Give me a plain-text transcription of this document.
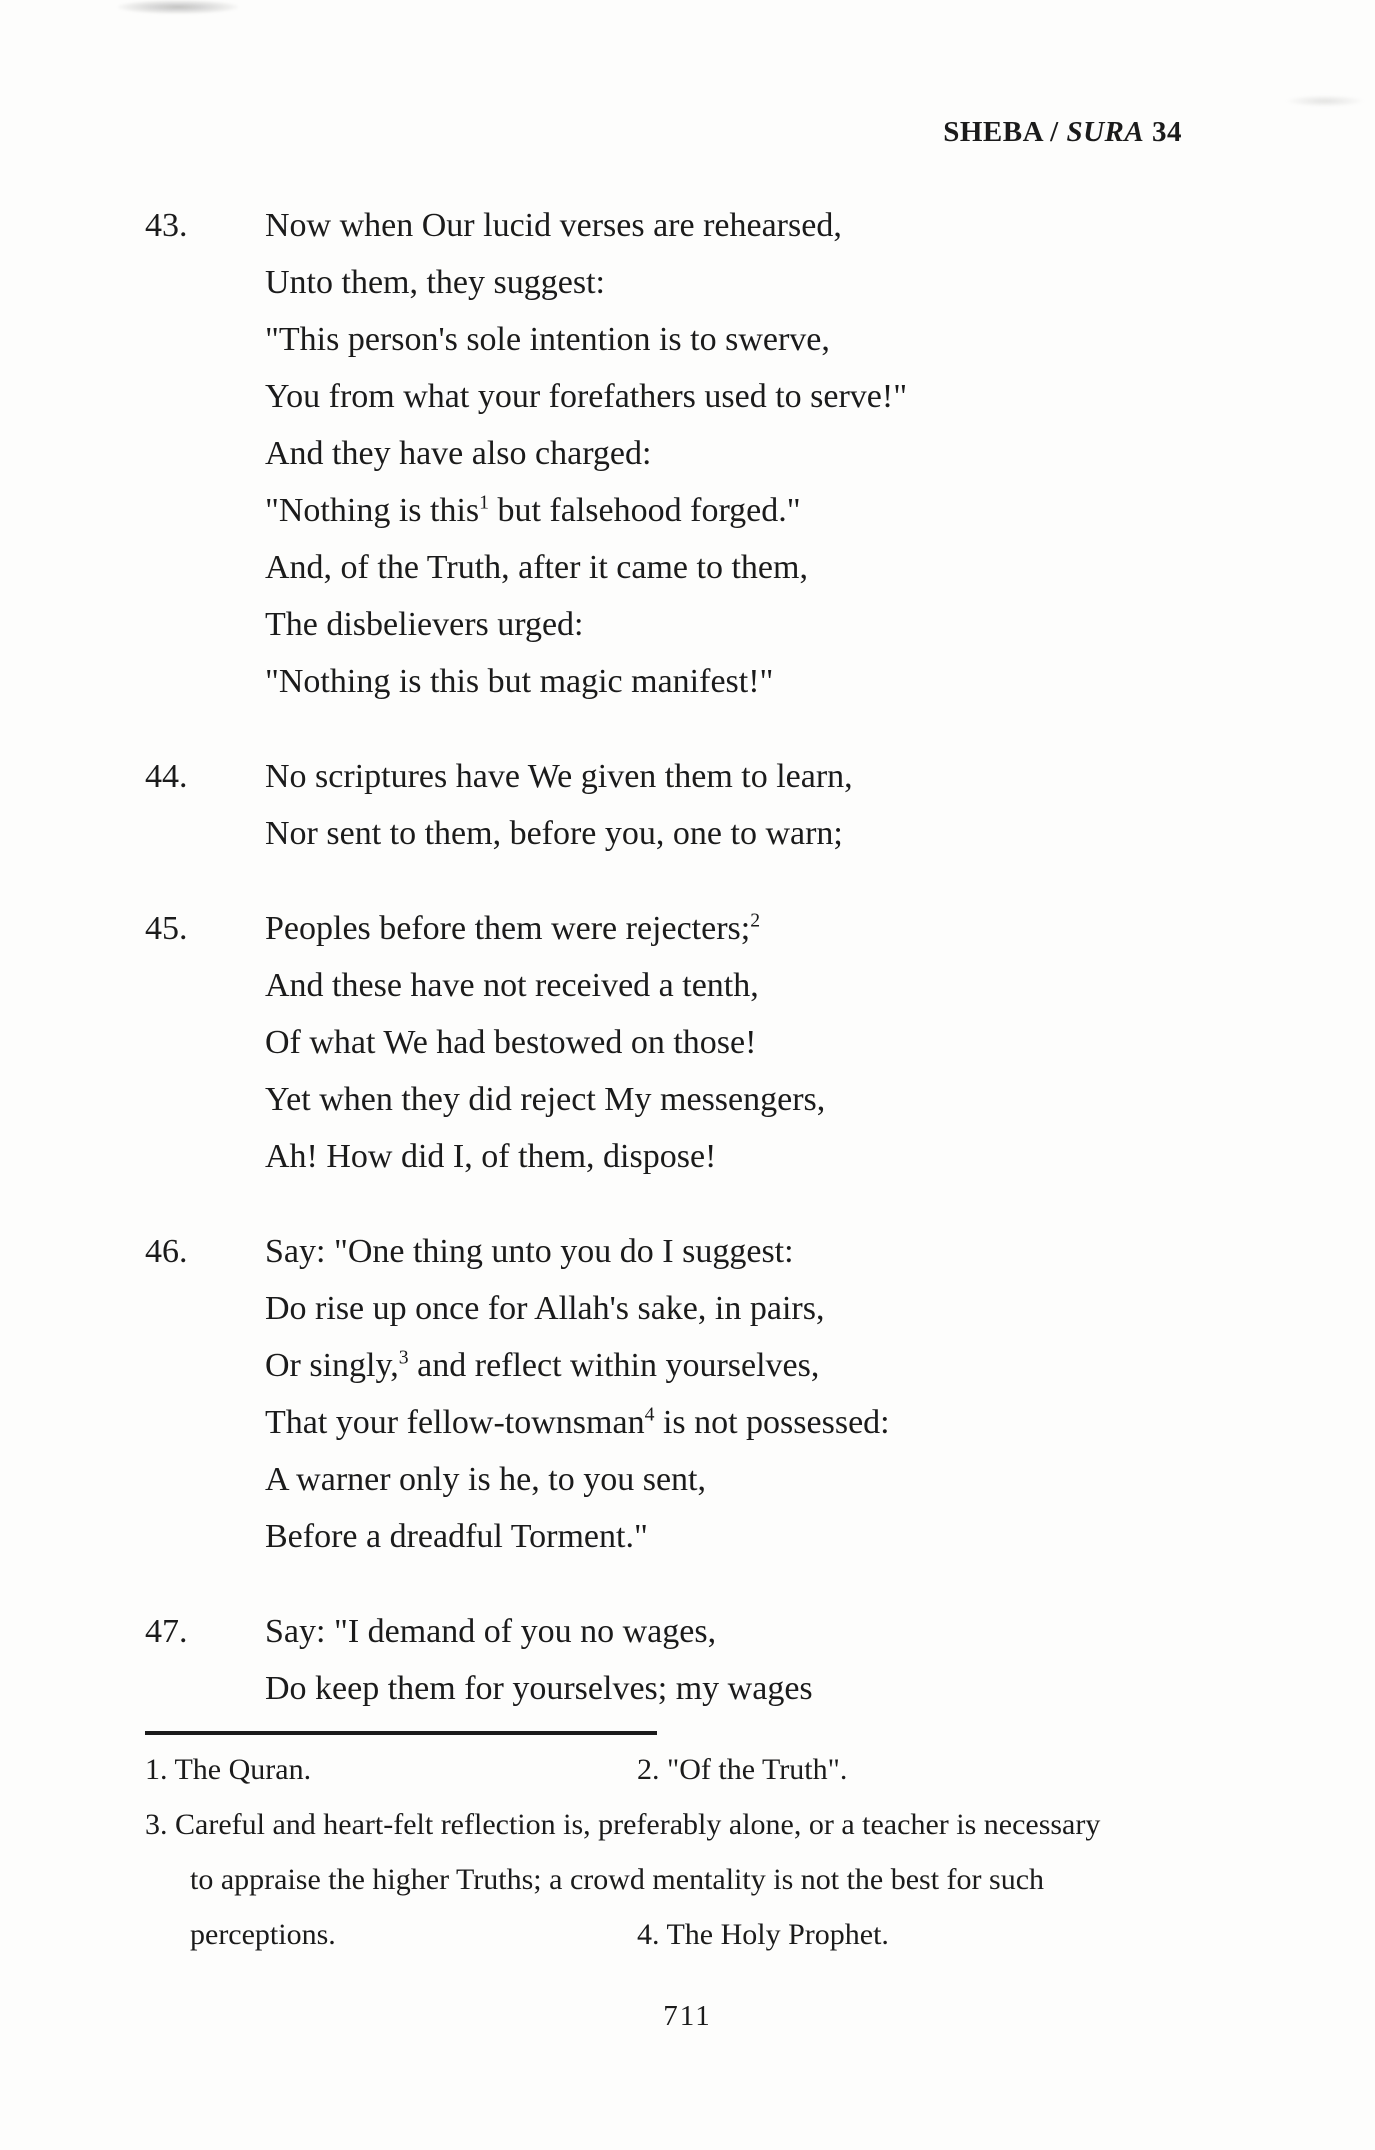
SHEBA / SURA 34
43.	Now when Our lucid verses are rehearsed,
Unto them, they suggest:
"This person's sole intention is to swerve,
You from what your forefathers used to serve!"
And they have also charged:
"Nothing is this$^1$ but falsehood forged."
And, of the Truth, after it came to them,
The disbelievers urged:
"Nothing is this but magic manifest!"
44.	No scriptures have We given them to learn,
Nor sent to them, before you, one to warn;
45.	Peoples before them were rejecters;$^2$
And these have not received a tenth,
Of what We had bestowed on those!
Yet when they did reject My messengers,
Ah! How did I, of them, dispose!
46.	Say: "One thing unto you do I suggest:
Do rise up once for Allah's sake, in pairs,
Or singly,$^3$ and reflect within yourselves,
That your fellow-townsman$^4$ is not possessed:
A warner only is he, to you sent,
Before a dreadful Torment."
47.	Say: "I demand of you no wages,
Do keep them for yourselves; my wages
1. The Quran.	2. "Of the Truth".
3. Careful and heart-felt reflection is, preferably alone, or a teacher is necessary
to appraise the higher Truths; a crowd mentality is not the best for such
perceptions.	4. The Holy Prophet.
711
